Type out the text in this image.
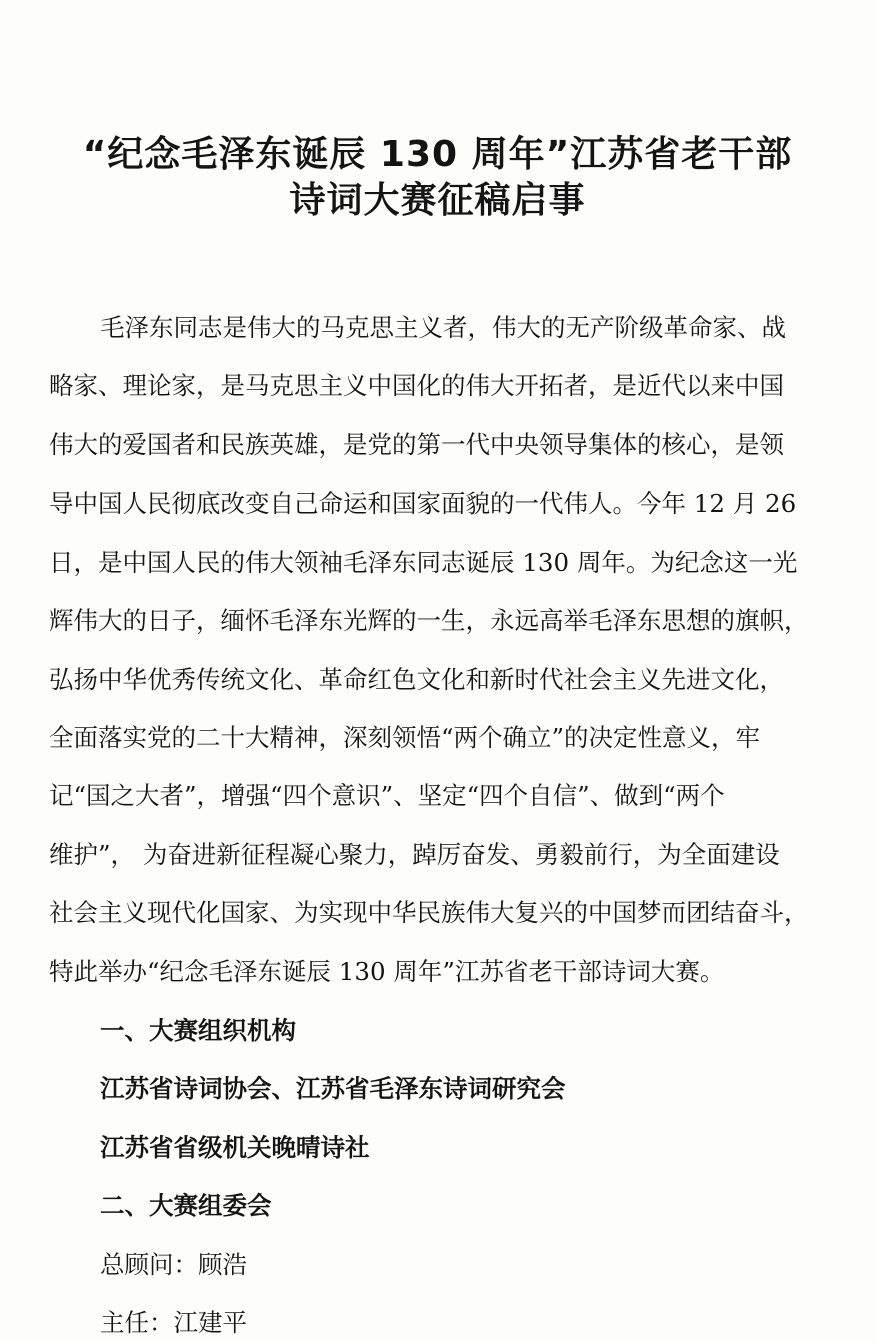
“纪念毛泽东诞辰 130 周年”江苏省老干部
诗词大赛征稿启事

毛泽东同志是伟大的马克思主义者，伟大的无产阶级革命家、战

略家、理论家，是马克思主义中国化的伟大开拓者，是近代以来中国

伟大的爱国者和民族英雄，是党的第一代中央领导集体的核心，是领

导中国人民彻底改变自己命运和国家面貌的一代伟人。今年 12 月 26

日，是中国人民的伟大领袖毛泽东同志诞辰 130 周年。为纪念这一光

辉伟大的日子，缅怀毛泽东光辉的一生，永远高举毛泽东思想的旗帜，

弘扬中华优秀传统文化、革命红色文化和新时代社会主义先进文化，

全面落实党的二十大精神，深刻领悟“两个确立”的决定性意义，牢

记“国之大者”，增强“四个意识”、坚定“四个自信”、做到“两个

维护”， 为奋进新征程凝心聚力，踔厉奋发、勇毅前行，为全面建设

社会主义现代化国家、为实现中华民族伟大复兴的中国梦而团结奋斗，

特此举办“纪念毛泽东诞辰 130 周年”江苏省老干部诗词大赛。

一、大赛组织机构

江苏省诗词协会、江苏省毛泽东诗词研究会

江苏省省级机关晚晴诗社

二、大赛组委会

总顾问：顾浩

主任：江建平
